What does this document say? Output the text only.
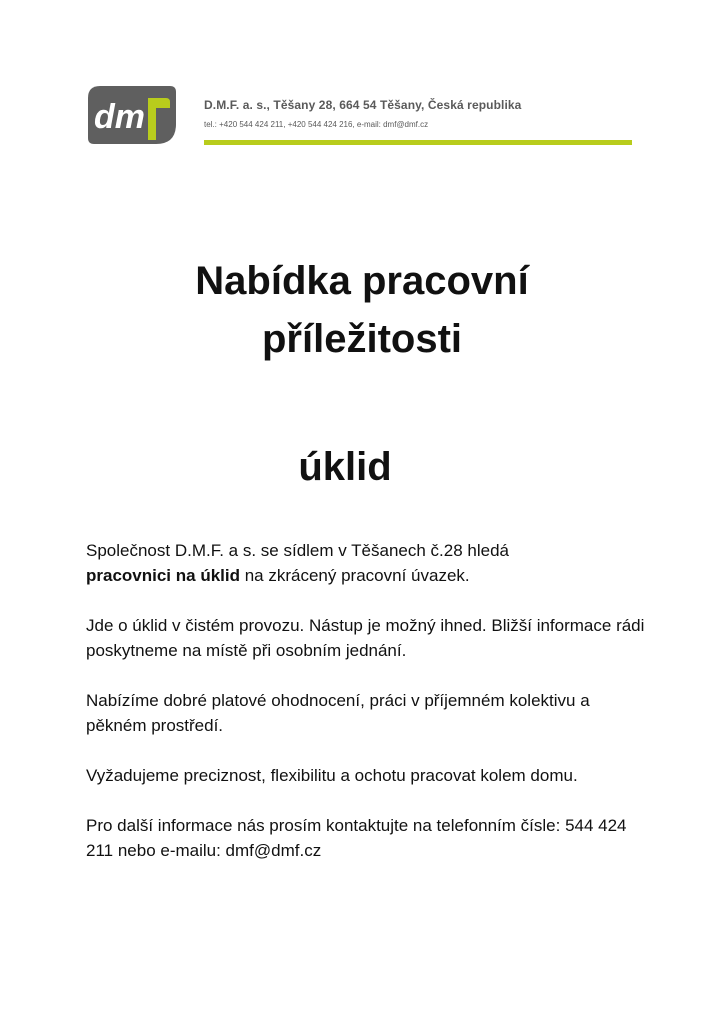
dm	D.M.F. a. s., Těšany 28, 664 54 Těšany, Česká republika
tel.: +420 544 424 211, +420 544 424 216, e-mail: dmf@dmf.cz
Nabídka pracovní
příležitosti
úklid

Společnost D.M.F. a s. se sídlem v Těšanech č.28 hledá
pracovnici na úklid na zkrácený pracovní úvazek.

Jde o úklid v čistém provozu. Nástup je možný ihned. Bližší informace rádi poskytneme na místě při osobním jednání.

Nabízíme dobré platové ohodnocení, práci v příjemném kolektivu a pěkném prostředí.

Vyžadujeme preciznost, flexibilitu a ochotu pracovat kolem domu.

Pro další informace nás prosím kontaktujte na telefonním čísle: 544 424 211 nebo e-mailu: dmf@dmf.cz
